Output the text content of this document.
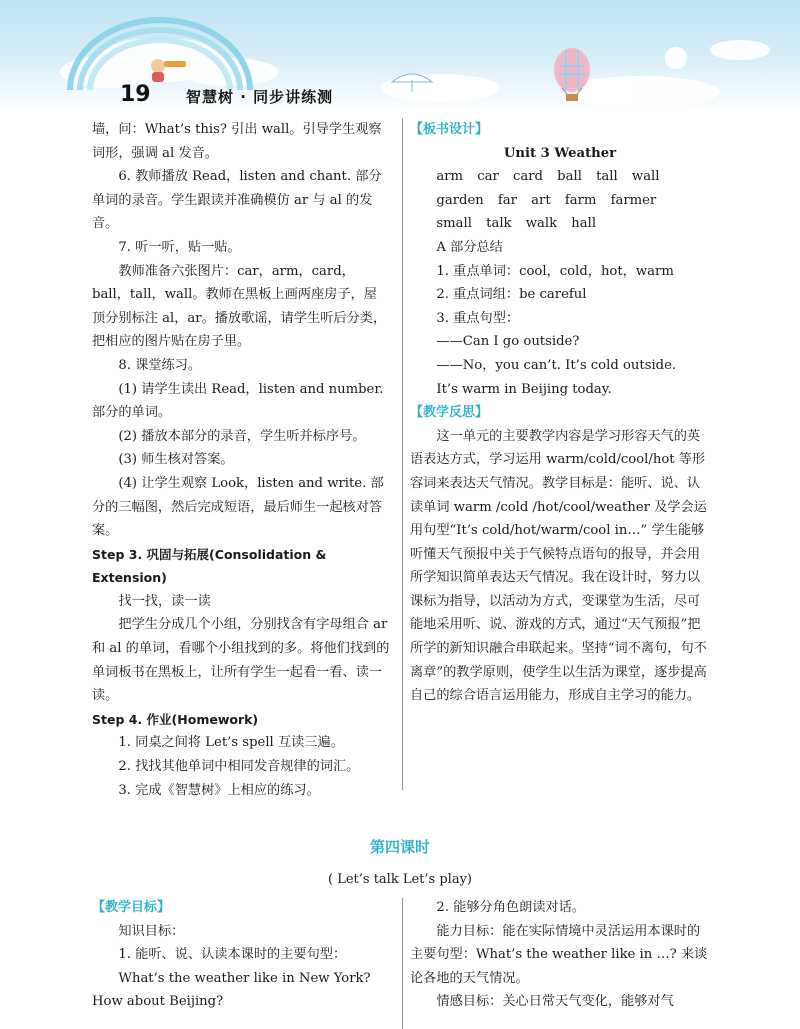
19 智慧树 · 同步讲练测

墙，问：What’s this? 引出 wall。引导学生观察词形，强调 al 发音。

6. 教师播放 Read，listen and chant. 部分单词的录音。学生跟读并准确模仿 ar 与 al 的发音。

7. 听一听，贴一贴。

教师准备六张图片：car，arm，card，ball，tall，wall。教师在黑板上画两座房子，屋顶分别标注 al，ar。播放歌谣，请学生听后分类，把相应的图片贴在房子里。

8. 课堂练习。

(1) 请学生读出 Read，listen and number. 部分的单词。

(2) 播放本部分的录音，学生听并标序号。

(3) 师生核对答案。

(4) 让学生观察 Look，listen and write. 部分的三幅图，然后完成短语，最后师生一起核对答案。

Step 3. 巩固与拓展(Consolidation & Extension)

找一找，读一读

把学生分成几个小组，分别找含有字母组合 ar 和 al 的单词，看哪个小组找到的多。将他们找到的单词板书在黑板上，让所有学生一起看一看、读一读。

Step 4. 作业(Homework)

1. 同桌之间将 Let’s spell 互读三遍。

2. 找找其他单词中相同发音规律的词汇。

3. 完成《智慧树》上相应的练习。

【板书设计】

Unit 3 Weather

arm car card ball tall wall

garden far art farm farmer

small talk walk hall

A 部分总结

1. 重点单词：cool，cold，hot，warm

2. 重点词组：be careful

3. 重点句型：

——Can I go outside?

——No，you can’t. It’s cold outside.

It’s warm in Beijing today.

【教学反思】

这一单元的主要教学内容是学习形容天气的英语表达方式，学习运用 warm/cold/cool/hot 等形容词来表达天气情况。教学目标是：能听、说、认读单词 warm /cold /hot/cool/weather 及学会运用句型“It’s cold/hot/warm/cool in…” 学生能够听懂天气预报中关于气候特点语句的报导，并会用所学知识简单表达天气情况。我在设计时，努力以课标为指导，以活动为方式，变课堂为生活，尽可能地采用听、说、游戏的方式，通过“天气预报”把所学的新知识融合串联起来。坚持“词不离句，句不离章”的教学原则，使学生以生活为课堂，逐步提高自己的综合语言运用能力，形成自主学习的能力。

第四课时
( Let’s talk Let’s play)

【教学目标】

知识目标：

1. 能听、说、认读本课时的主要句型：

What’s the weather like in New York?

How about Beijing?

2. 能够分角色朗读对话。

能力目标：能在实际情境中灵活运用本课时的主要句型：What’s the weather like in …? 来谈论各地的天气情况。

情感目标：关心日常天气变化，能够对气
